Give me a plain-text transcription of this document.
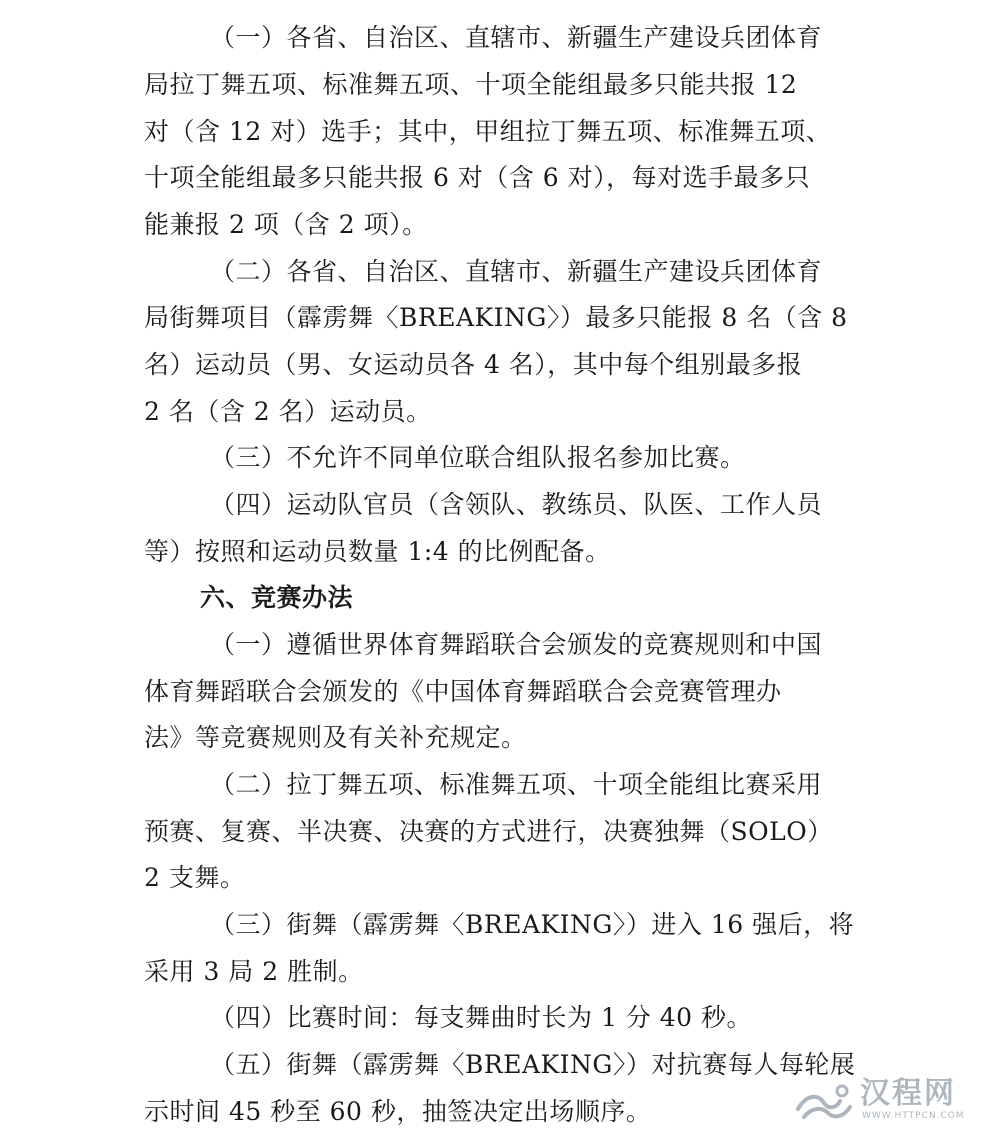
（一）各省、自治区、直辖市、新疆生产建设兵团体育
局拉丁舞五项、标准舞五项、十项全能组最多只能共报 12
对（含 12 对）选手；其中，甲组拉丁舞五项、标准舞五项、
十项全能组最多只能共报 6 对（含 6 对），每对选手最多只
能兼报 2 项（含 2 项）。
（二）各省、自治区、直辖市、新疆生产建设兵团体育
局街舞项目（霹雳舞〈BREAKING〉）最多只能报 8 名（含 8
名）运动员（男、女运动员各 4 名），其中每个组别最多报
2 名（含 2 名）运动员。
（三）不允许不同单位联合组队报名参加比赛。
（四）运动队官员（含领队、教练员、队医、工作人员
等）按照和运动员数量 1:4 的比例配备。
六、竞赛办法
（一）遵循世界体育舞蹈联合会颁发的竞赛规则和中国
体育舞蹈联合会颁发的《中国体育舞蹈联合会竞赛管理办
法》等竞赛规则及有关补充规定。
（二）拉丁舞五项、标准舞五项、十项全能组比赛采用
预赛、复赛、半决赛、决赛的方式进行，决赛独舞（SOLO）
2 支舞。
（三）街舞（霹雳舞〈BREAKING〉）进入 16 强后，将
采用 3 局 2 胜制。
（四）比赛时间：每支舞曲时长为 1 分 40 秒。
（五）街舞（霹雳舞〈BREAKING〉）对抗赛每人每轮展
示时间 45 秒至 60 秒，抽签决定出场顺序。
汉程网
WWW.HTTPCN.COM
